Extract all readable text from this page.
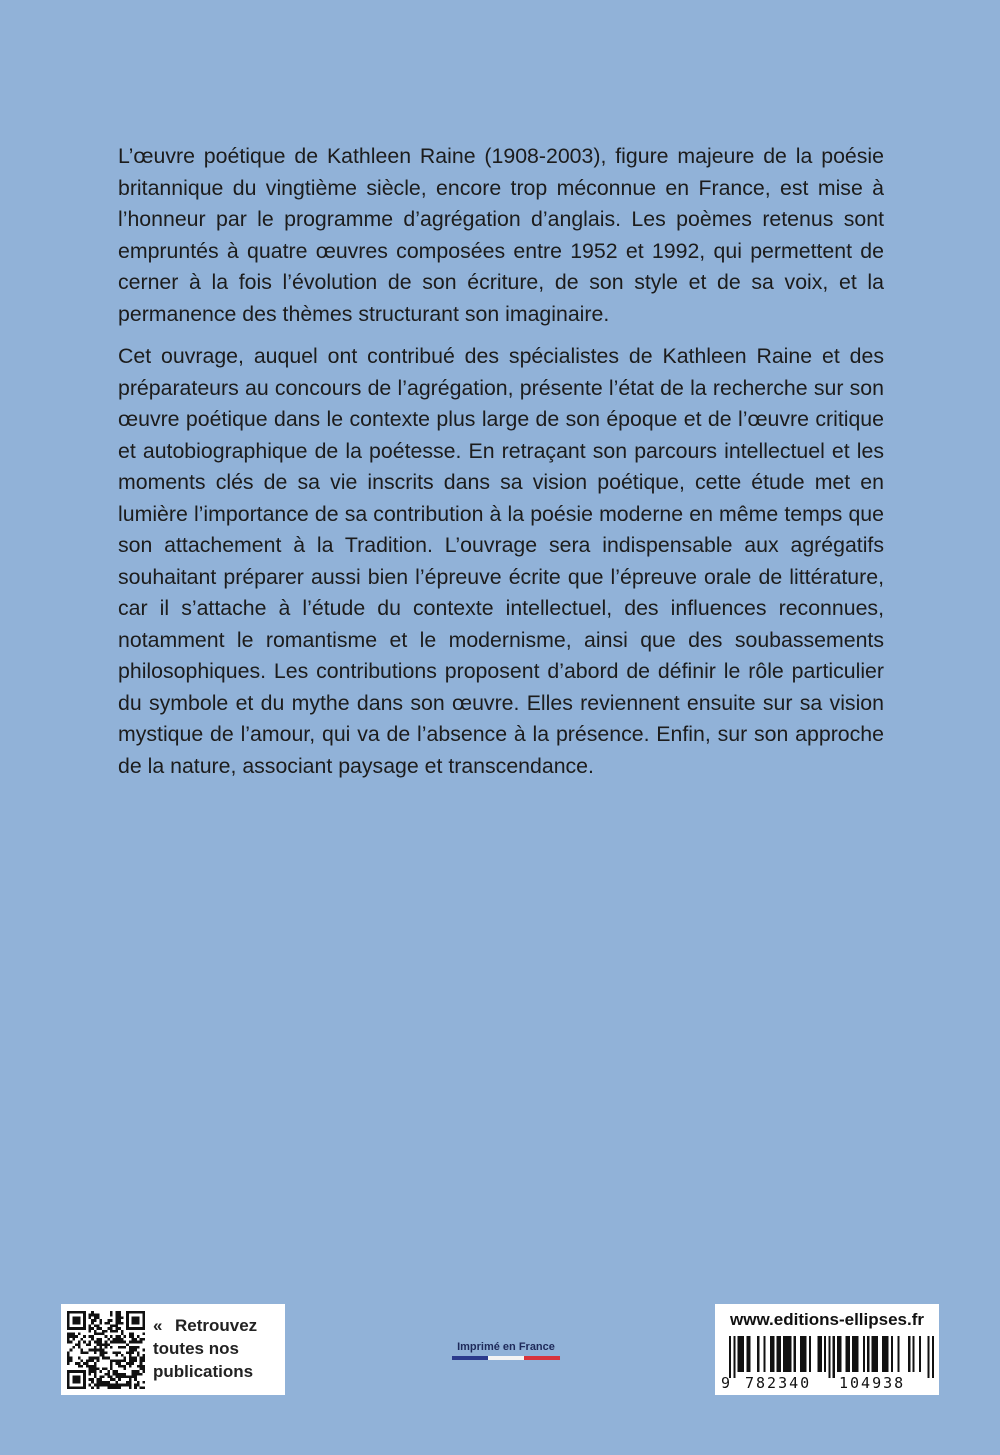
L’œuvre poétique de Kathleen Raine (1908-2003), figure majeure de la poésie britannique du vingtième siècle, encore trop méconnue en France, est mise à l’honneur par le programme d’agrégation d’anglais. Les poèmes retenus sont empruntés à quatre œuvres composées entre 1952 et 1992, qui permettent de cerner à la fois l’évolution de son écriture, de son style et de sa voix, et la permanence des thèmes structurant son imaginaire.

Cet ouvrage, auquel ont contribué des spécialistes de Kathleen Raine et des préparateurs au concours de l’agrégation, présente l’état de la recherche sur son œuvre poétique dans le contexte plus large de son époque et de l’œuvre critique et autobiographique de la poétesse. En retraçant son parcours intellectuel et les moments clés de sa vie inscrits dans sa vision poétique, cette étude met en lumière l’importance de sa contribution à la poésie moderne en même temps que son attachement à la Tradition. L’ouvrage sera indispensable aux agrégatifs souhaitant préparer aussi bien l’épreuve écrite que l’épreuve orale de littérature, car il s’attache à l’étude du contexte intellectuel, des influences reconnues, notamment le romantisme et le modernisme, ainsi que des soubassements philosophiques. Les contributions proposent d’abord de définir le rôle particulier du symbole et du mythe dans son œuvre. Elles reviennent ensuite sur sa vision mystique de l’amour, qui va de l’absence à la présence. Enfin, sur son approche de la nature, associant paysage et transcendance.

« Retrouvez
toutes nos
publications
Imprimé en France
www.editions-ellipses.fr
9 782340 104938
